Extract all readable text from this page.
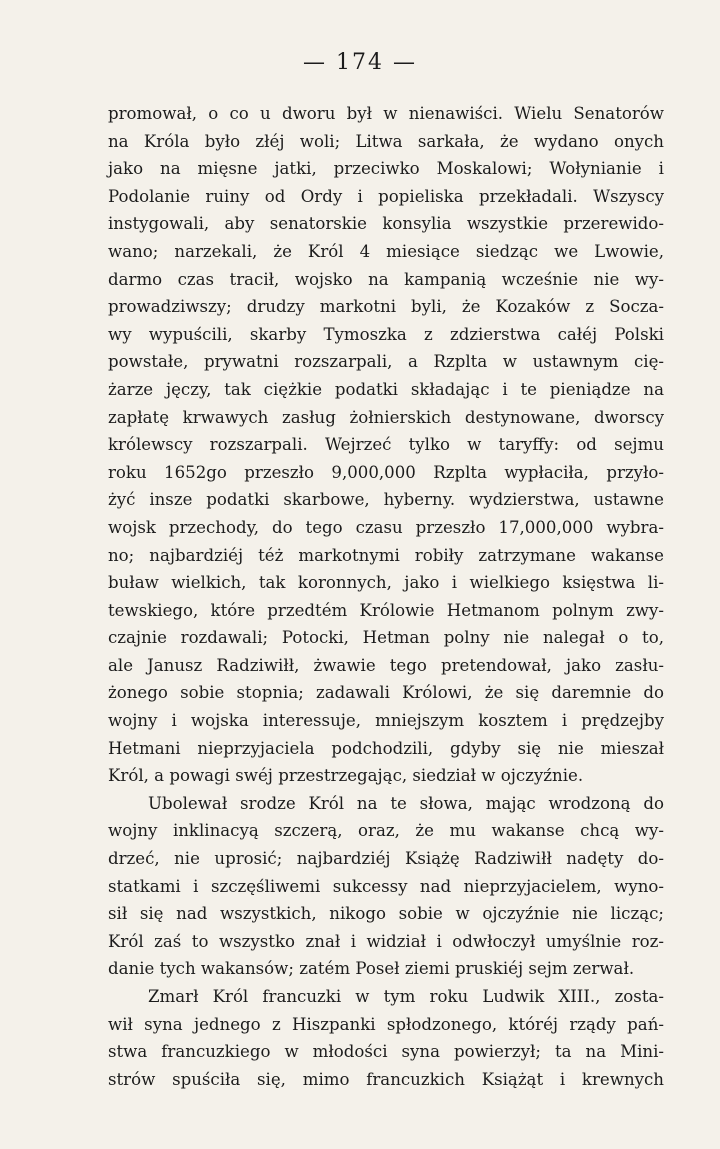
— 174 —
promował, o co u dworu był w nienawiści. Wielu Senatorów
na Króla było złéj woli; Litwa sarkała, że wydano onych
jako na mięsne jatki, przeciwko Moskalowi; Wołynianie i
Podolanie ruiny od Ordy i popieliska przekładali. Wszyscy
instygowali, aby senatorskie konsylia wszystkie przerewido-
wano; narzekali, że Król 4 miesiące siedząc we Lwowie,
darmo czas tracił, wojsko na kampanią wcześnie nie wy-
prowadziwszy; drudzy markotni byli, że Kozaków z Soczа-
wy wypuścili, skarby Tymoszka z zdzierstwa całéj Polski
powstałe, prywatni rozszarpali, a Rzplta w ustawnym cię-
żarze jęczy, tak ciężkie podatki składając i te pieniądze na
zapłatę krwawych zasług żołnierskich destynowane, dworscy
królewscy rozszarpali. Wejrzeć tylko w taryffy: od sejmu
roku 1652go przeszło 9,000,000 Rzplta wypłaciła, przyło-
żyć insze podatki skarbowe, hyberny. wydzierstwa, ustawne
wojsk przechody, do tego czasu przeszło 17,000,000 wybra-
no; najbardziéj téż markotnymi robiły zatrzymane wakanse
buław wielkich, tak koronnych, jako i wielkiego księstwa li-
tewskiego, które przedtém Królowie Hetmanom polnym zwy-
czajnie rozdawali; Potocki, Hetman polny nie nalegał o to,
ale Janusz Radziwiłł, żwawie tego pretendował, jako zasłu-
żonego sobie stopnia; zadawali Królowi, że się daremnie do
wojny i wojska interessuje, mniejszym kosztem i prędzejby
Hetmani nieprzyjaciela podchodzili, gdyby się nie mieszał
Król, a powagi swéj przestrzegając, siedział w ojczyźnie.
Ubolewał srodze Król na te słowa, mając wrodzoną do
wojny inklinacyą szczerą, oraz, że mu wakanse chcą wy-
drzeć, nie uprosić; najbardziéj Książę Radziwiłł nadęty do-
statkami i szczęśliwemi sukcessy nad nieprzyjacielem, wyno-
sił się nad wszystkich, nikogo sobie w ojczyźnie nie licząc;
Król zaś to wszystko znał i widział i odwłoczył umyślnie roz-
danie tych wakansów; zatém Poseł ziemi pruskiéj sejm zerwał.
Zmarł Król francuzki w tym roku Ludwik XIII., zosta-
wił syna jednego z Hiszpanki spłodzonego, któréj rządy pań-
stwa francuzkiego w młodości syna powierzył; ta na Mini-
strów spuściła się, mimo francuzkich Książąt i krewnych
